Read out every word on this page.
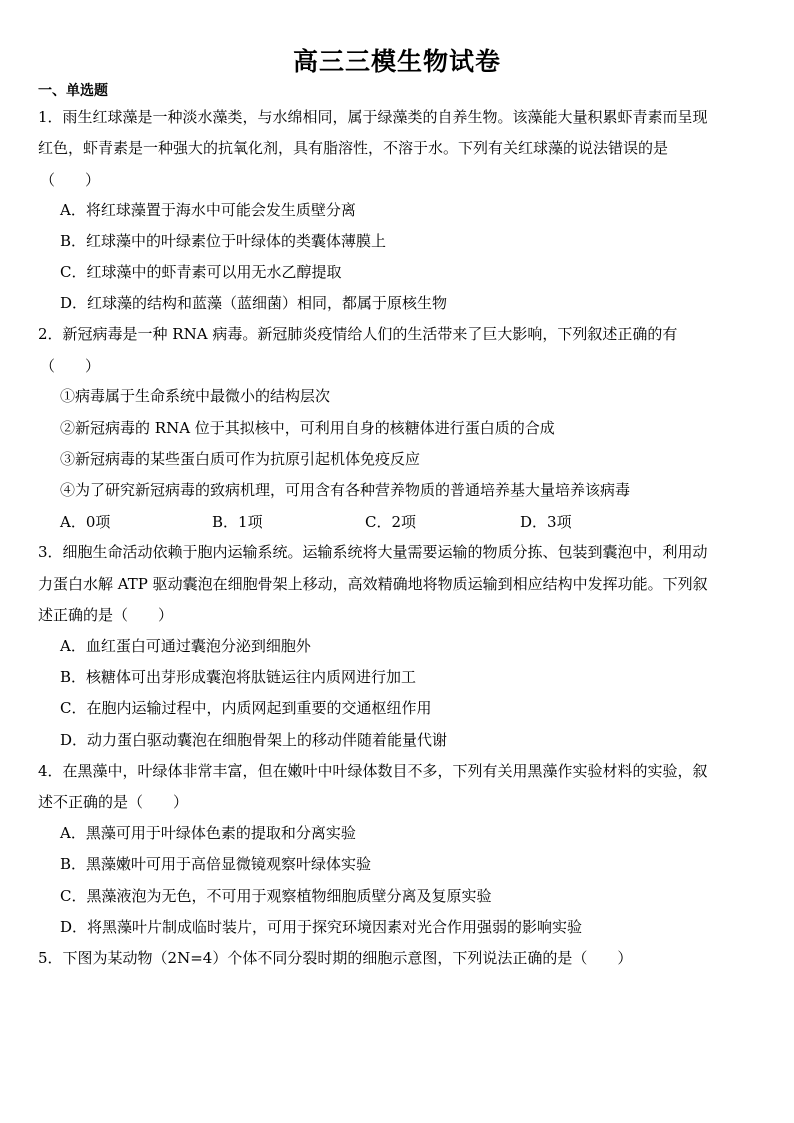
高三三模生物试卷
一、单选题
1．雨生红球藻是一种淡水藻类，与水绵相同，属于绿藻类的自养生物。该藻能大量积累虾青素而呈现
红色，虾青素是一种强大的抗氧化剂，具有脂溶性，不溶于水。下列有关红球藻的说法错误的是
（　　）
A．将红球藻置于海水中可能会发生质壁分离
B．红球藻中的叶绿素位于叶绿体的类囊体薄膜上
C．红球藻中的虾青素可以用无水乙醇提取
D．红球藻的结构和蓝藻（蓝细菌）相同，都属于原核生物
2．新冠病毒是一种 RNA 病毒。新冠肺炎疫情给人们的生活带来了巨大影响，下列叙述正确的有
（　　）
①病毒属于生命系统中最微小的结构层次
②新冠病毒的 RNA 位于其拟核中，可利用自身的核糖体进行蛋白质的合成
③新冠病毒的某些蛋白质可作为抗原引起机体免疫反应
④为了研究新冠病毒的致病机理，可用含有各种营养物质的普通培养基大量培养该病毒
A．0项	B．1项	C．2项	D．3项
3．细胞生命活动依赖于胞内运输系统。运输系统将大量需要运输的物质分拣、包装到囊泡中，利用动
力蛋白水解 ATP 驱动囊泡在细胞骨架上移动，高效精确地将物质运输到相应结构中发挥功能。下列叙
述正确的是（　　）
A．血红蛋白可通过囊泡分泌到细胞外
B．核糖体可出芽形成囊泡将肽链运往内质网进行加工
C．在胞内运输过程中，内质网起到重要的交通枢纽作用
D．动力蛋白驱动囊泡在细胞骨架上的移动伴随着能量代谢
4．在黑藻中，叶绿体非常丰富，但在嫩叶中叶绿体数目不多，下列有关用黑藻作实验材料的实验，叙
述不正确的是（　　）
A．黑藻可用于叶绿体色素的提取和分离实验
B．黑藻嫩叶可用于高倍显微镜观察叶绿体实验
C．黑藻液泡为无色，不可用于观察植物细胞质壁分离及复原实验
D．将黑藻叶片制成临时装片，可用于探究环境因素对光合作用强弱的影响实验
5．下图为某动物（2N=4）个体不同分裂时期的细胞示意图，下列说法正确的是（　　）
